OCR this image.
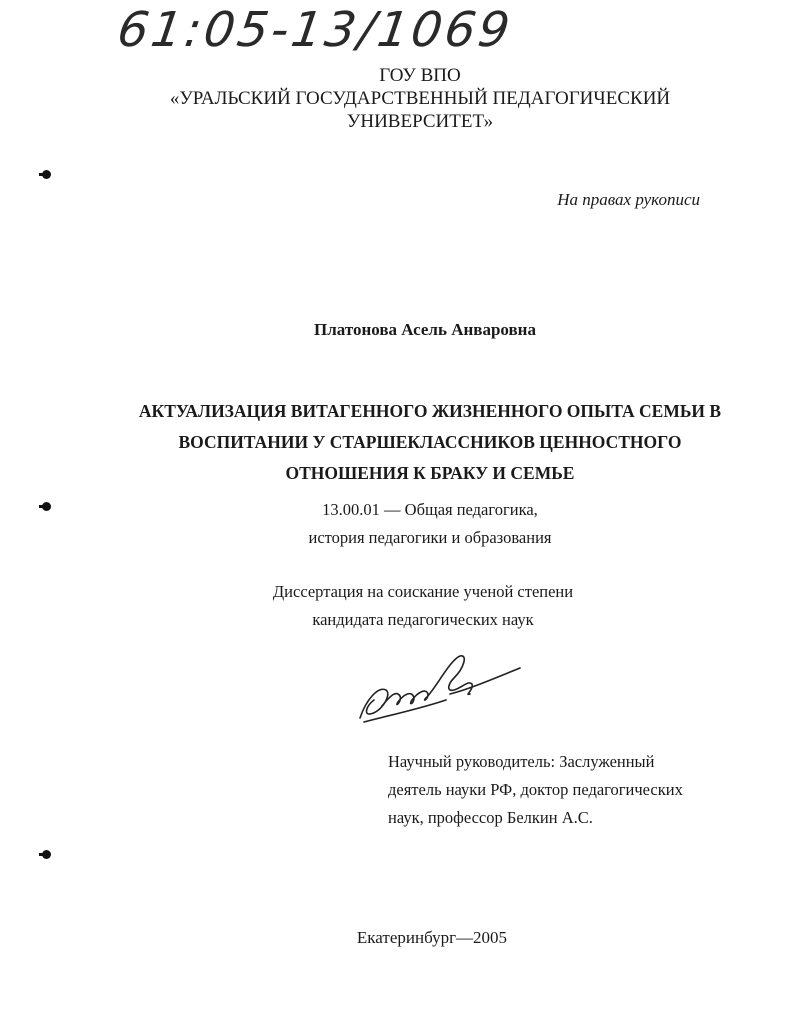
61:05-13/1069
ГОУ ВПО
«УРАЛЬСКИЙ ГОСУДАРСТВЕННЫЙ ПЕДАГОГИЧЕСКИЙ
УНИВЕРСИТЕТ»
На правах рукописи
Платонова Асель Анваровна
АКТУАЛИЗАЦИЯ ВИТАГЕННОГО ЖИЗНЕННОГО ОПЫТА СЕМЬИ В
ВОСПИТАНИИ У СТАРШЕКЛАССНИКОВ ЦЕННОСТНОГО
ОТНОШЕНИЯ К БРАКУ И СЕМЬЕ
13.00.01 — Общая педагогика,
история педагогики и образования
Диссертация на соискание ученой степени
кандидата педагогических наук
Научный руководитель: Заслуженный
деятель науки РФ, доктор педагогических
наук, профессор Белкин А.С.
Екатеринбург—2005
